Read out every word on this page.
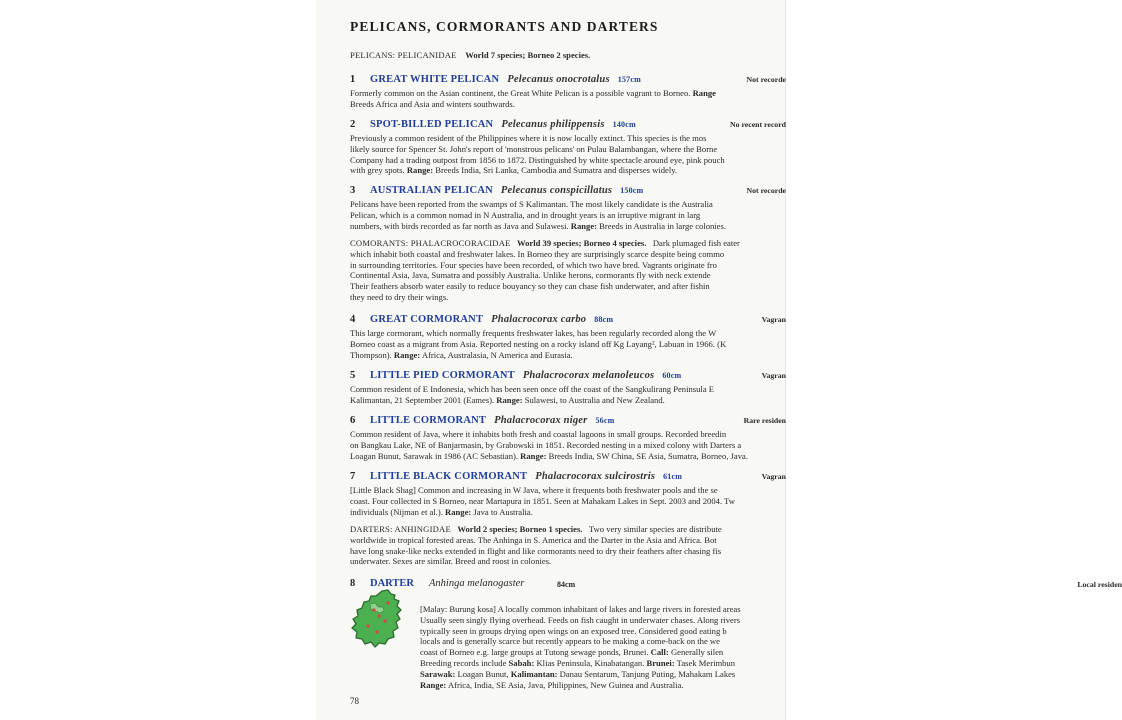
PELICANS, CORMORANTS AND DARTERS
PELICANS: PELICANIDAE World 7 species; Borneo 2 species.
1 GREAT WHITE PELICAN Pelecanus onocrotalus 157cm	Not recorde
Formerly common on the Asian continent, the Great White Pelican is a possible vagrant to Borneo. Range
Breeds Africa and Asia and winters southwards.
2 SPOT-BILLED PELICAN Pelecanus philippensis 140cm	No recent record
Previously a common resident of the Philippines where it is now locally extinct. This species is the mos
likely source for Spencer St. John's report of 'monstrous pelicans' on Pulau Balambangan, where the Borne
Company had a trading outpost from 1856 to 1872. Distinguished by white spectacle around eye, pink pouch
with grey spots. Range: Breeds India, Sri Lanka, Cambodia and Sumatra and disperses widely.
3 AUSTRALIAN PELICAN Pelecanus conspicillatus 150cm	Not recorde
Pelicans have been reported from the swamps of S Kalimantan. The most likely candidate is the Australia
Pelican, which is a common nomad in N Australia, and in drought years is an irruptive migrant in larg
numbers, with birds recorded as far north as Java and Sulawesi. Range: Breeds in Australia in large colonies.
COMORANTS: PHALACROCORACIDAE World 39 species; Borneo 4 species. Dark plumaged fish eater
which inhabit both coastal and freshwater lakes. In Borneo they are surprisingly scarce despite being commo
in surrounding territories. Four species have been recorded, of which two have bred. Vagrants originate fro
Continental Asia, Java, Sumatra and possibly Australia. Unlike herons, cormorants fly with neck extende
Their feathers absorb water easily to reduce bouyancy so they can chase fish underwater, and after fishin
they need to dry their wings.
4 GREAT CORMORANT Phalacrocorax carbo 88cm	Vagran
This large cormorant, which normally frequents freshwater lakes, has been regularly recorded along the W
Borneo coast as a migrant from Asia. Reported nesting on a rocky island off Kg Layang², Labuan in 1966. (K
Thompson). Range: Africa, Australasia, N America and Eurasia.
5 LITTLE PIED CORMORANT Phalacrocorax melanoleucos 60cm	Vagran
Common resident of E Indonesia, which has been seen once off the coast of the Sangkulirang Peninsula E
Kalimantan, 21 September 2001 (Eames). Range: Sulawesi, to Australia and New Zealand.
6 LITTLE CORMORANT Phalacrocorax niger 56cm	Rare residen
Common resident of Java, where it inhabits both fresh and coastal lagoons in small groups. Recorded breedin
on Bangkau Lake, NE of Banjarmasin, by Grabowski in 1851. Recorded nesting in a mixed colony with Darters a
Loagan Bunut, Sarawak in 1986 (AC Sebastian). Range: Breeds India, SW China, SE Asia, Sumatra, Borneo, Java.
7 LITTLE BLACK CORMORANT Phalacrocorax sulcirostris 61cm	Vagran
[Little Black Shag] Common and increasing in W Java, where it frequents both freshwater pools and the se
coast. Four collected in S Borneo, near Martapura in 1851. Seen at Mahakam Lakes in Sept. 2003 and 2004. Tw
individuals (Nijman et al.). Range: Java to Australia.
DARTERS: ANHINGIDAE World 2 species; Borneo 1 species. Two very similar species are distribute
worldwide in tropical forested areas. The Anhinga in S. America and the Darter in the Asia and Africa. Bot
have long snake-like necks extended in flight and like cormorants need to dry their feathers after chasing fis
underwater. Sexes are similar. Breed and roost in colonies.
8 DARTER Anhinga melanogaster	84cm	Local residen
[Malay: Burung kosa] A locally common inhabitant of lakes and large rivers in forested areas
Usually seen singly flying overhead. Feeds on fish caught in underwater chases. Along rivers
typically seen in groups drying open wings on an exposed tree. Considered good eating b
locals and is generally scarce but recently appears to be making a come-back on the we
coast of Borneo e.g. large groups at Tutong sewage ponds, Brunei. Call: Generally silen
Breeding records include Sabah: Klias Peninsula, Kinabatangan. Brunei: Tasek Merimbun
Sarawak: Loagan Bunut, Kalimantan: Danau Sentarum, Tanjung Puting, Mahakam Lakes
Range: Africa, India, SE Asia, Java, Philippines, New Guinea and Australia.
78
